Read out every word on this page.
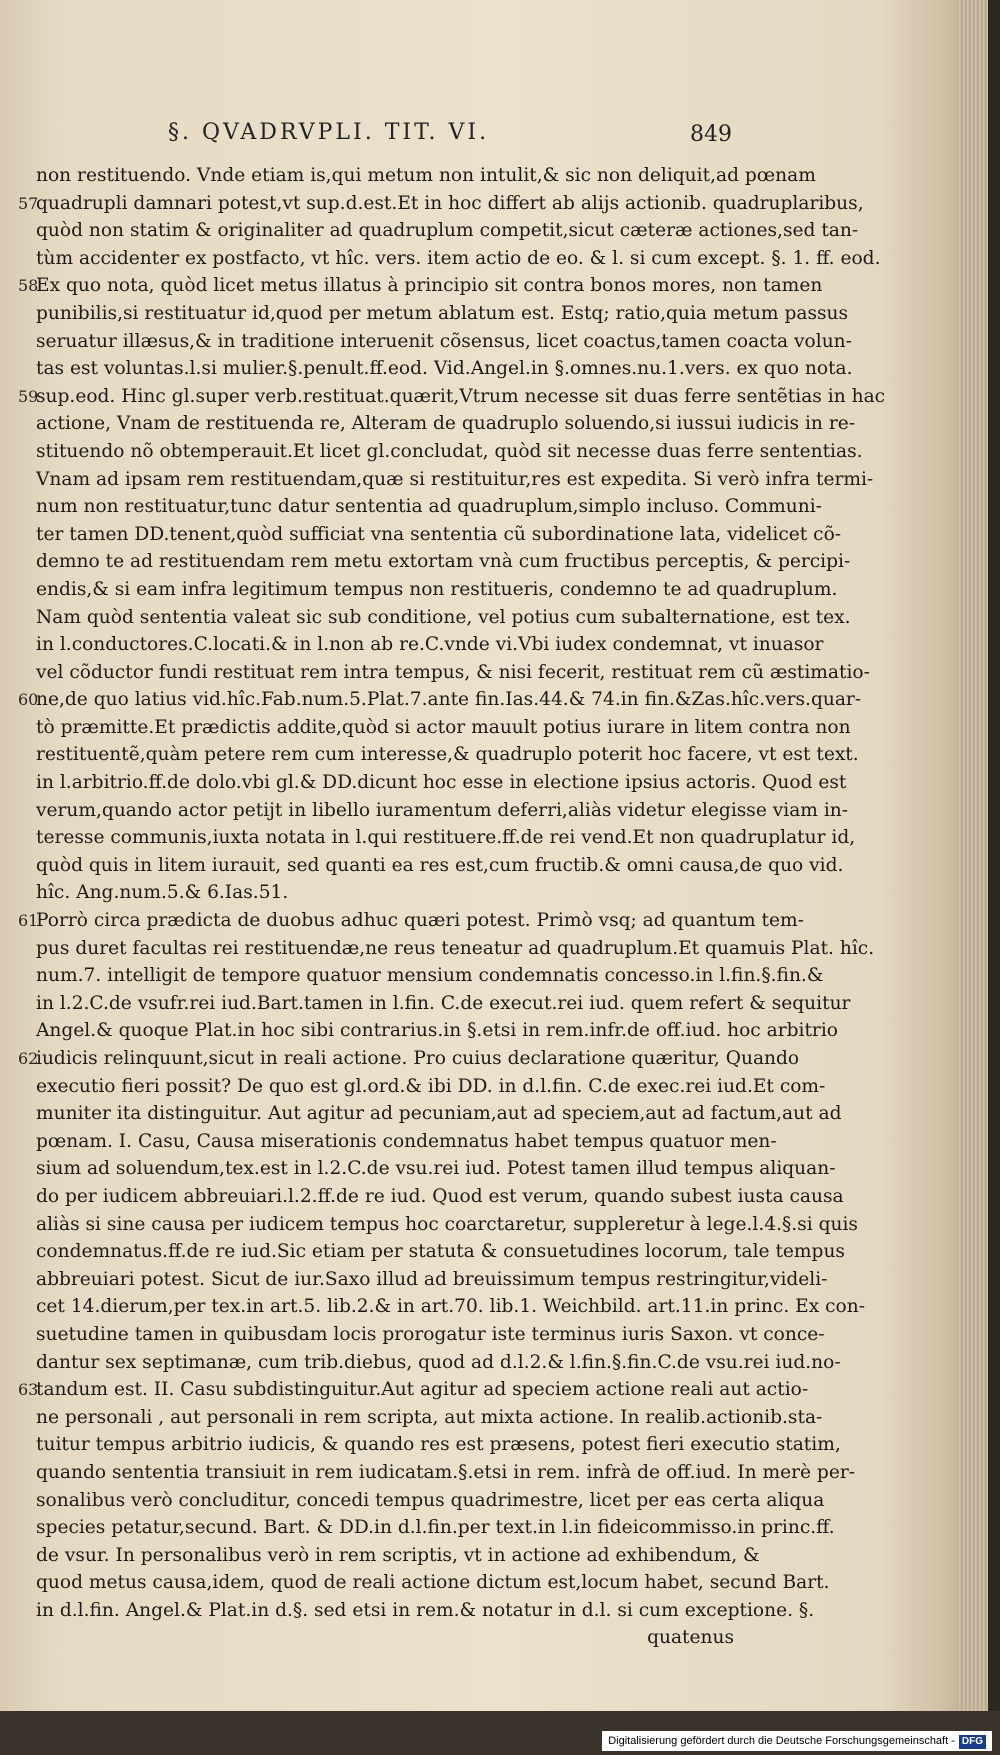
§. QVADRVPLI. TIT. VI.	849
non restituendo. Vnde etiam is,qui metum non intulit,& sic non deliquit,ad pœnam
57
quadrupli damnari potest,vt sup.d.est.Et in hoc differt ab alijs actionib. quadruplaribus,
quòd non statim & originaliter ad quadruplum competit,sicut cæteræ actiones,sed tan-
tùm accidenter ex postfacto, vt hîc. vers. item actio de eo. & l. si cum except. §. 1. ff. eod.
58
Ex quo nota, quòd licet metus illatus à principio sit contra bonos mores, non tamen
punibilis,si restituatur id,quod per metum ablatum est. Estq; ratio,quia metum passus
seruatur illæsus,& in traditione interuenit cõsensus, licet coactus,tamen coacta volun-
tas est voluntas.l.si mulier.§.penult.ff.eod. Vid.Angel.in §.omnes.nu.1.vers. ex quo nota.
59
sup.eod. Hinc gl.super verb.restituat.quærit,Vtrum necesse sit duas ferre sentẽtias in hac
actione, Vnam de restituenda re, Alteram de quadruplo soluendo,si iussui iudicis in re-
stituendo nõ obtemperauit.Et licet gl.concludat, quòd sit necesse duas ferre sententias.
Vnam ad ipsam rem restituendam,quæ si restituitur,res est expedita. Si verò infra termi-
num non restituatur,tunc datur sententia ad quadruplum,simplo incluso. Communi-
ter tamen DD.tenent,quòd sufficiat vna sententia cũ subordinatione lata, videlicet cõ-
demno te ad restituendam rem metu extortam vnà cum fructibus perceptis, & percipi-
endis,& si eam infra legitimum tempus non restitueris, condemno te ad quadruplum.
Nam quòd sententia valeat sic sub conditione, vel potius cum subalternatione, est tex.
in l.conductores.C.locati.& in l.non ab re.C.vnde vi.Vbi iudex condemnat, vt inuasor
vel cõductor fundi restituat rem intra tempus, & nisi fecerit, restituat rem cũ æstimatio-
60
ne,de quo latius vid.hîc.Fab.num.5.Plat.7.ante fin.Ias.44.& 74.in fin.&Zas.hîc.vers.quar-
tò præmitte.Et prædictis addite,quòd si actor mauult potius iurare in litem contra non
restituentẽ,quàm petere rem cum interesse,& quadruplo poterit hoc facere, vt est text.
in l.arbitrio.ff.de dolo.vbi gl.& DD.dicunt hoc esse in electione ipsius actoris. Quod est
verum,quando actor petijt in libello iuramentum deferri,aliàs videtur elegisse viam in-
teresse communis,iuxta notata in l.qui restituere.ff.de rei vend.Et non quadruplatur id,
quòd quis in litem iurauit, sed quanti ea res est,cum fructib.& omni causa,de quo vid.
hîc. Ang.num.5.& 6.Ias.51.
61
Porrò circa prædicta de duobus adhuc quæri potest. Primò vsq; ad quantum tem-
pus duret facultas rei restituendæ,ne reus teneatur ad quadruplum.Et quamuis Plat. hîc.
num.7. intelligit de tempore quatuor mensium condemnatis concesso.in l.fin.§.fin.&
in l.2.C.de vsufr.rei iud.Bart.tamen in l.fin. C.de execut.rei iud. quem refert & sequitur
Angel.& quoque Plat.in hoc sibi contrarius.in §.etsi in rem.infr.de off.iud. hoc arbitrio
62
iudicis relinquunt,sicut in reali actione. Pro cuius declaratione quæritur, Quando
executio fieri possit? De quo est gl.ord.& ibi DD. in d.l.fin. C.de exec.rei iud.Et com-
muniter ita distinguitur. Aut agitur ad pecuniam,aut ad speciem,aut ad factum,aut ad
pœnam. I. Casu, Causa miserationis condemnatus habet tempus quatuor men-
sium ad soluendum,tex.est in l.2.C.de vsu.rei iud. Potest tamen illud tempus aliquan-
do per iudicem abbreuiari.l.2.ff.de re iud. Quod est verum, quando subest iusta causa
aliàs si sine causa per iudicem tempus hoc coarctaretur, suppleretur à lege.l.4.§.si quis
condemnatus.ff.de re iud.Sic etiam per statuta & consuetudines locorum, tale tempus
abbreuiari potest. Sicut de iur.Saxo illud ad breuissimum tempus restringitur,videli-
cet 14.dierum,per tex.in art.5. lib.2.& in art.70. lib.1. Weichbild. art.11.in princ. Ex con-
suetudine tamen in quibusdam locis prorogatur iste terminus iuris Saxon. vt conce-
dantur sex septimanæ, cum trib.diebus, quod ad d.l.2.& l.fin.§.fin.C.de vsu.rei iud.no-
63
tandum est. II. Casu subdistinguitur.Aut agitur ad speciem actione reali aut actio-
ne personali , aut personali in rem scripta, aut mixta actione. In realib.actionib.sta-
tuitur tempus arbitrio iudicis, & quando res est præsens, potest fieri executio statim,
quando sententia transiuit in rem iudicatam.§.etsi in rem. infrà de off.iud. In merè per-
sonalibus verò concluditur, concedi tempus quadrimestre, licet per eas certa aliqua
species petatur,secund. Bart. & DD.in d.l.fin.per text.in l.in fideicommisso.in princ.ff.
de vsur. In personalibus verò in rem scriptis, vt in actione ad exhibendum, &
quod metus causa,idem, quod de reali actione dictum est,locum habet, secund Bart.
in d.l.fin. Angel.& Plat.in d.§. sed etsi in rem.& notatur in d.l. si cum exceptione. §.
quatenus
Digitalisierung gefördert durch die Deutsche Forschungsgemeinschaft - DFG
